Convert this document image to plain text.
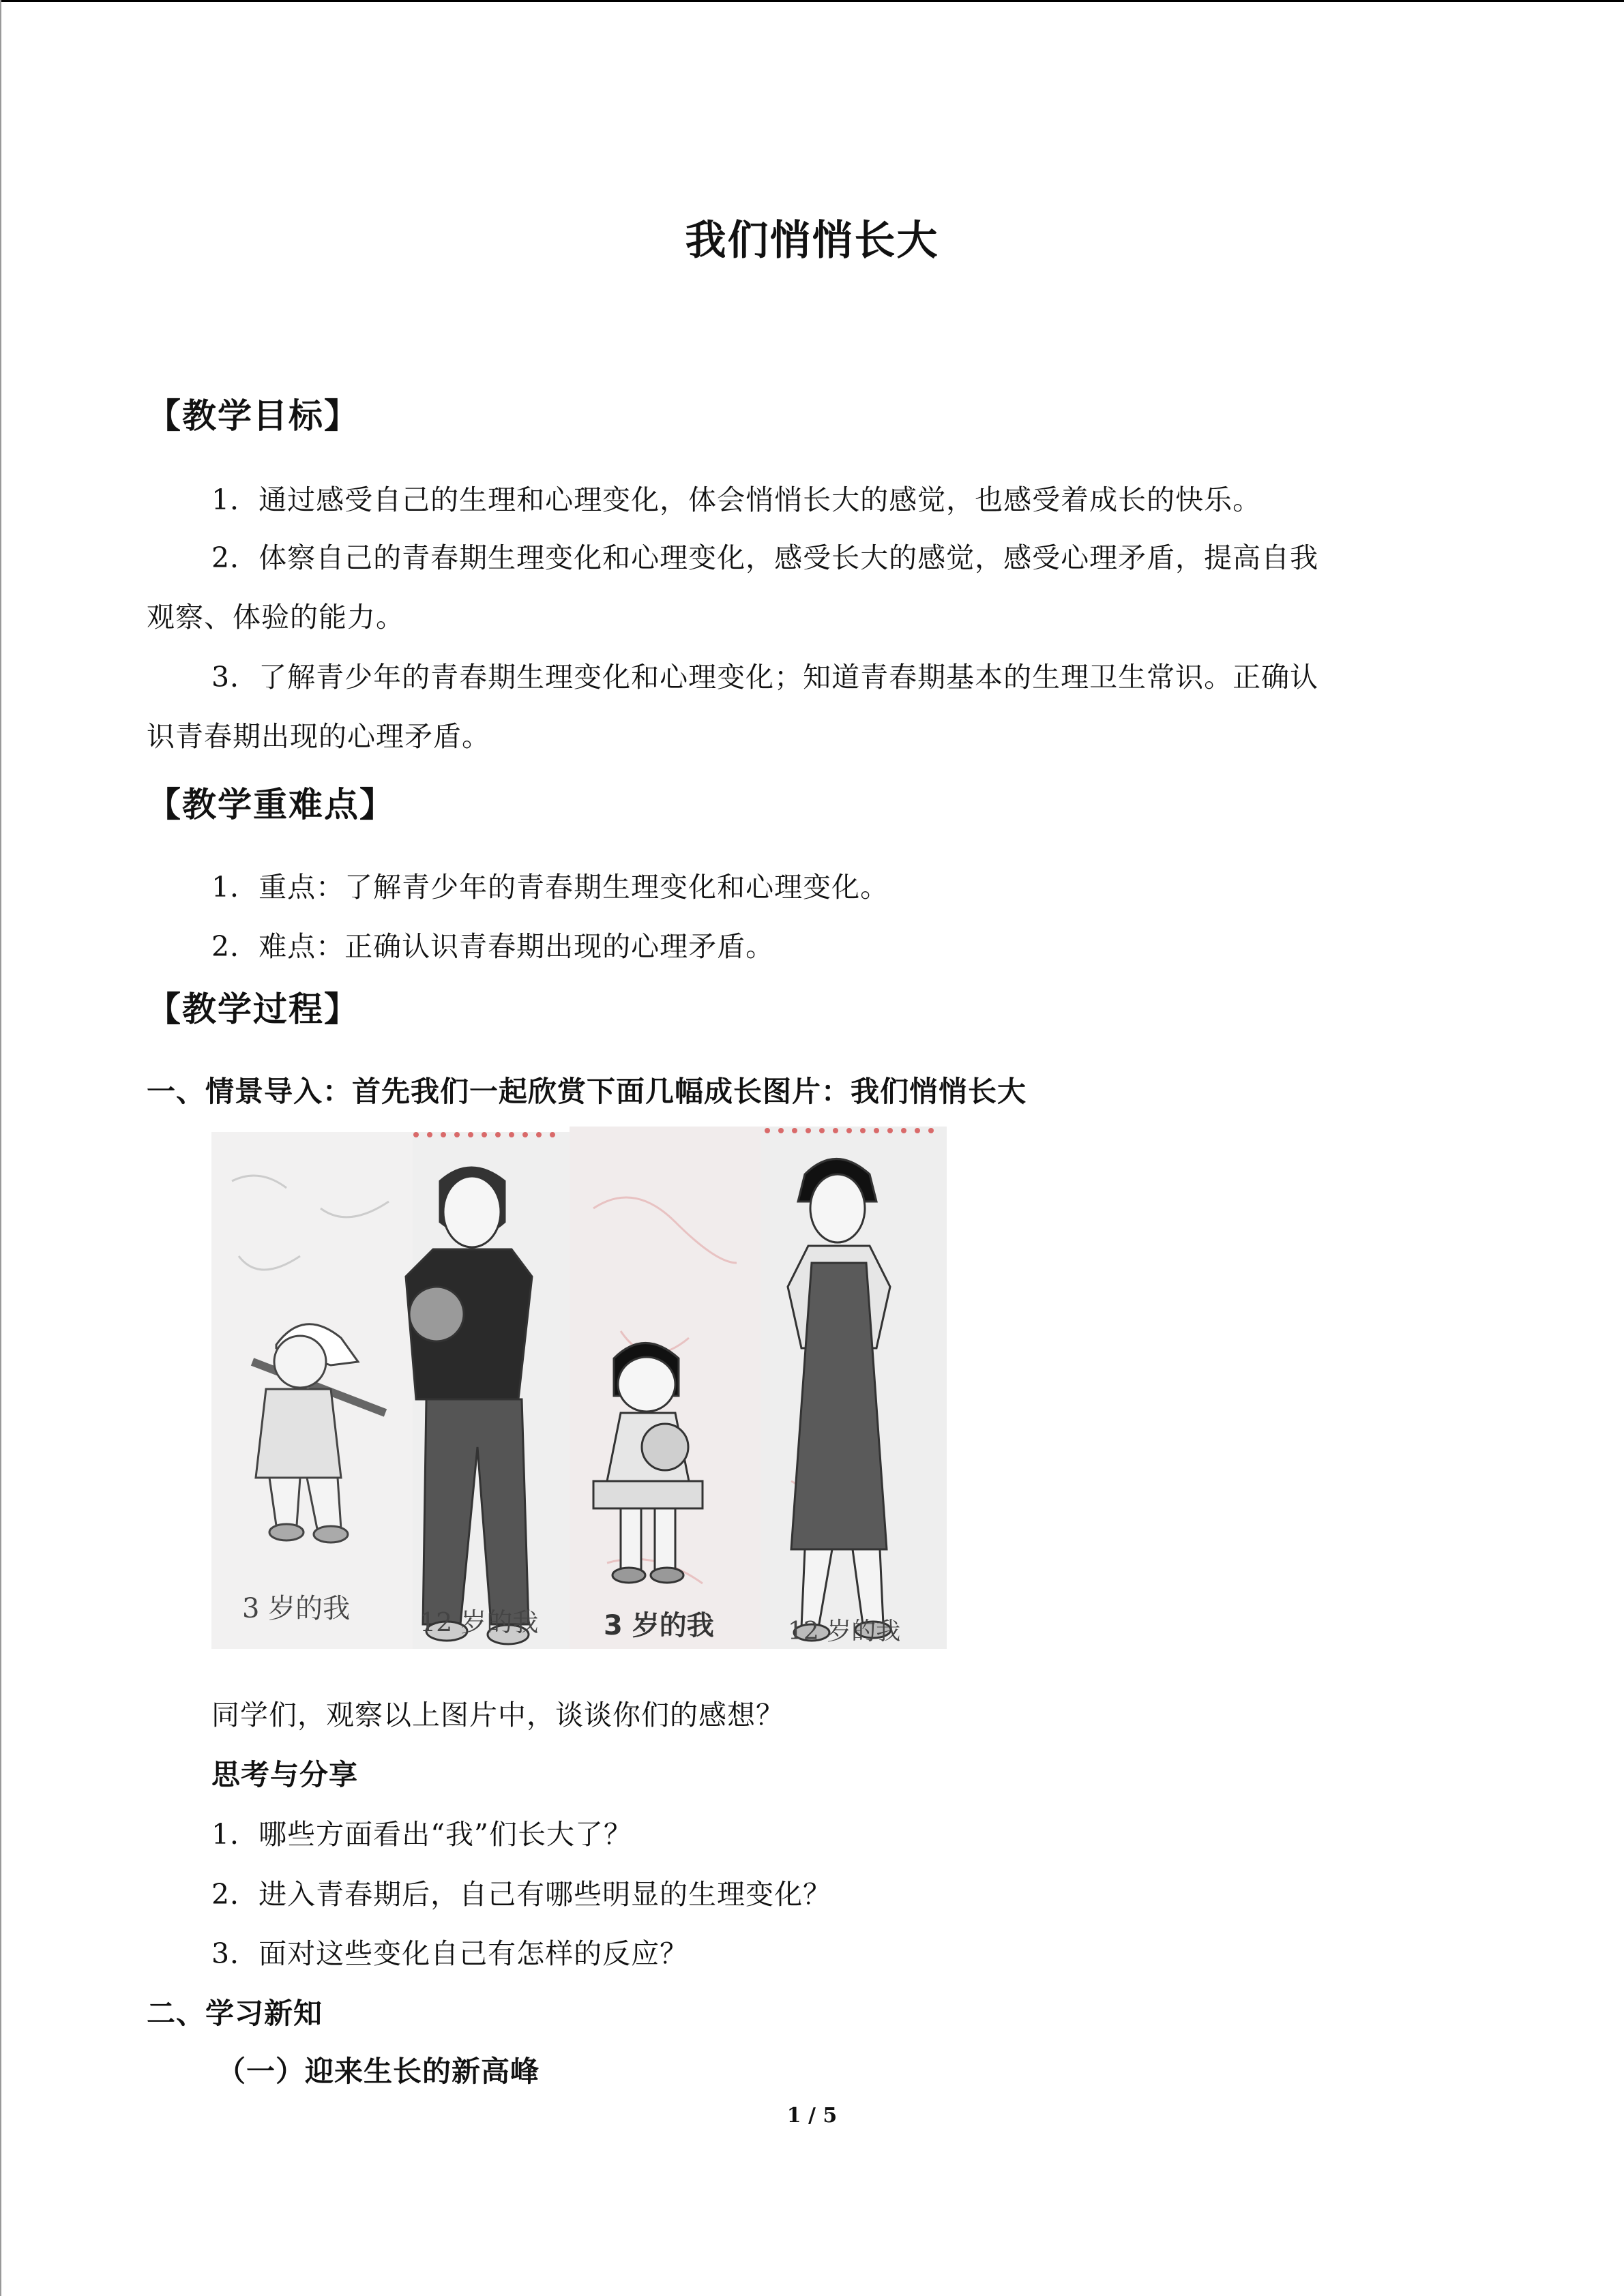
我们悄悄长大
【教学目标】
1．通过感受自己的生理和心理变化，体会悄悄长大的感觉，也感受着成长的快乐。
2．体察自己的青春期生理变化和心理变化，感受长大的感觉，感受心理矛盾，提高自我
观察、体验的能力。
3．了解青少年的青春期生理变化和心理变化；知道青春期基本的生理卫生常识。正确认
识青春期出现的心理矛盾。
【教学重难点】
1．重点：了解青少年的青春期生理变化和心理变化。
2．难点：正确认识青春期出现的心理矛盾。
【教学过程】
一、情景导入：首先我们一起欣赏下面几幅成长图片：我们悄悄长大
3 岁的我	12 岁的我 3 岁的我	12 岁的我
同学们，观察以上图片中，谈谈你们的感想？
思考与分享
1．哪些方面看出“我”们长大了？
2．进入青春期后，自己有哪些明显的生理变化？
3．面对这些变化自己有怎样的反应？
二、学习新知
（一）迎来生长的新高峰
1 / 5
